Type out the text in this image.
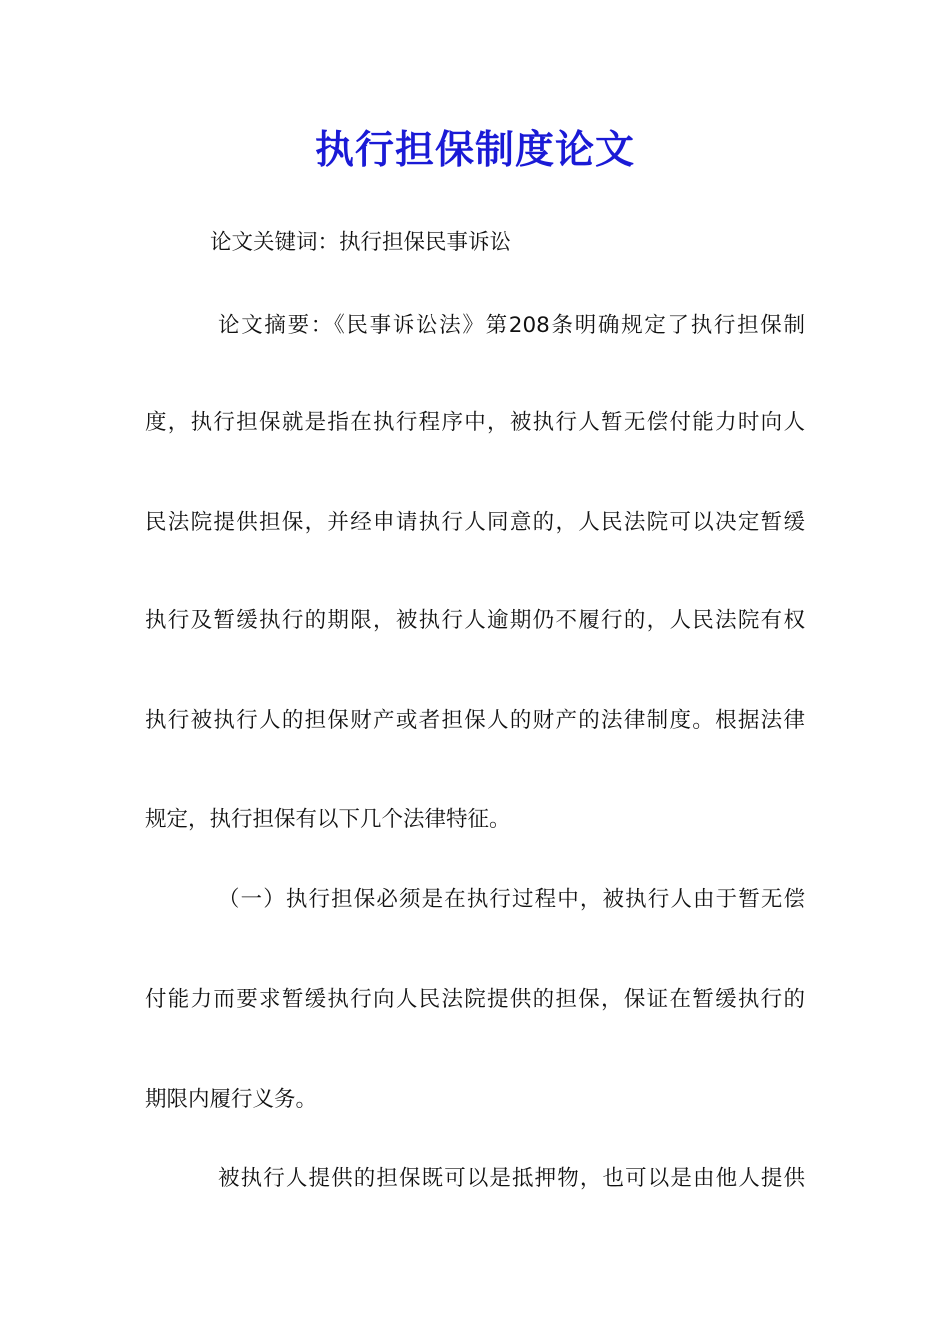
执行担保制度论文

论文关键词：执行担保民事诉讼

论文摘要：《民事诉讼法》第208条明确规定了执行担保制

度，执行担保就是指在执行程序中，被执行人暂无偿付能力时向人

民法院提供担保，并经申请执行人同意的，人民法院可以决定暂缓

执行及暂缓执行的期限，被执行人逾期仍不履行的，人民法院有权

执行被执行人的担保财产或者担保人的财产的法律制度。根据法律

规定，执行担保有以下几个法律特征。

（一）执行担保必须是在执行过程中，被执行人由于暂无偿

付能力而要求暂缓执行向人民法院提供的担保，保证在暂缓执行的

期限内履行义务。

被执行人提供的担保既可以是抵押物，也可以是由他人提供
